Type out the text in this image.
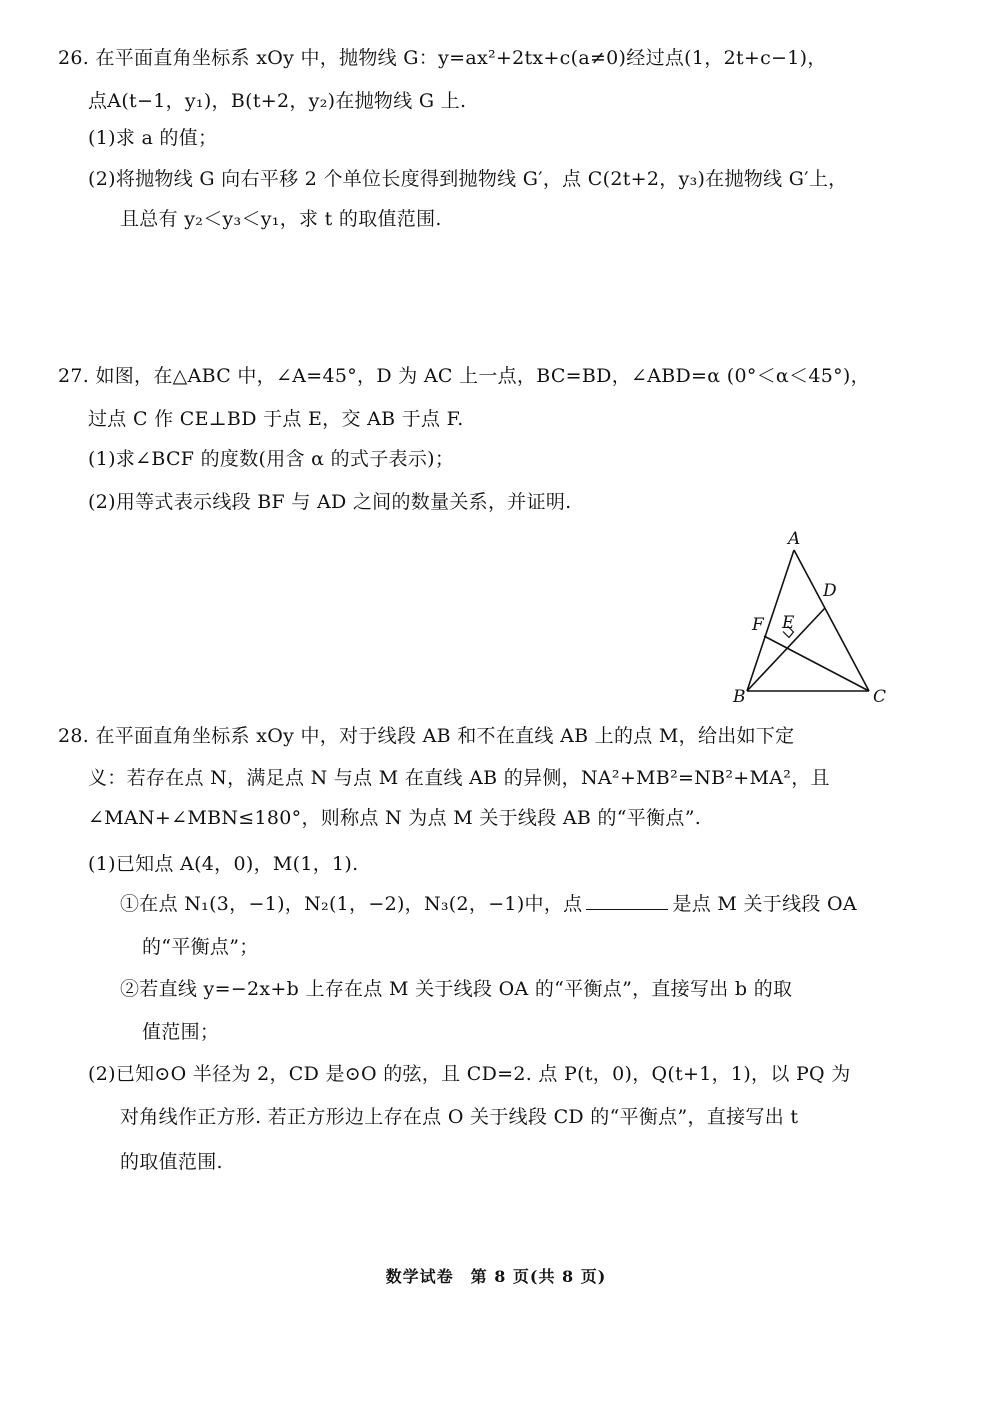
26. 在平面直角坐标系 xOy 中，抛物线 G：y=ax²+2tx+c(a≠0)经过点(1，2t+c−1)，
点A(t−1，y₁)，B(t+2，y₂)在抛物线 G 上.
(1)求 a 的值；
(2)将抛物线 G 向右平移 2 个单位长度得到抛物线 G′，点 C(2t+2，y₃)在抛物线 G′上，
且总有 y₂＜y₃＜y₁，求 t 的取值范围.
27. 如图，在△ABC 中，∠A=45°，D 为 AC 上一点，BC=BD，∠ABD=α (0°＜α＜45°)，
过点 C 作 CE⊥BD 于点 E，交 AB 于点 F.
(1)求∠BCF 的度数(用含 α 的式子表示)；
(2)用等式表示线段 BF 与 AD 之间的数量关系，并证明.
A
B	C
D
E
F
28. 在平面直角坐标系 xOy 中，对于线段 AB 和不在直线 AB 上的点 M，给出如下定
义：若存在点 N，满足点 N 与点 M 在直线 AB 的异侧，NA²+MB²=NB²+MA²，且
∠MAN+∠MBN≤180°，则称点 N 为点 M 关于线段 AB 的“平衡点”.
(1)已知点 A(4，0)，M(1，1).
①在点 N₁(3，−1)，N₂(1，−2)，N₃(2，−1)中，点	是点 M 关于线段 OA
的“平衡点”；
②若直线 y=−2x+b 上存在点 M 关于线段 OA 的“平衡点”，直接写出 b 的取
值范围；
(2)已知⊙O 半径为 2，CD 是⊙O 的弦，且 CD=2. 点 P(t，0)，Q(t+1，1)，以 PQ 为
对角线作正方形. 若正方形边上存在点 O 关于线段 CD 的“平衡点”，直接写出 t
的取值范围.
数学试卷　第 8 页(共 8 页)
